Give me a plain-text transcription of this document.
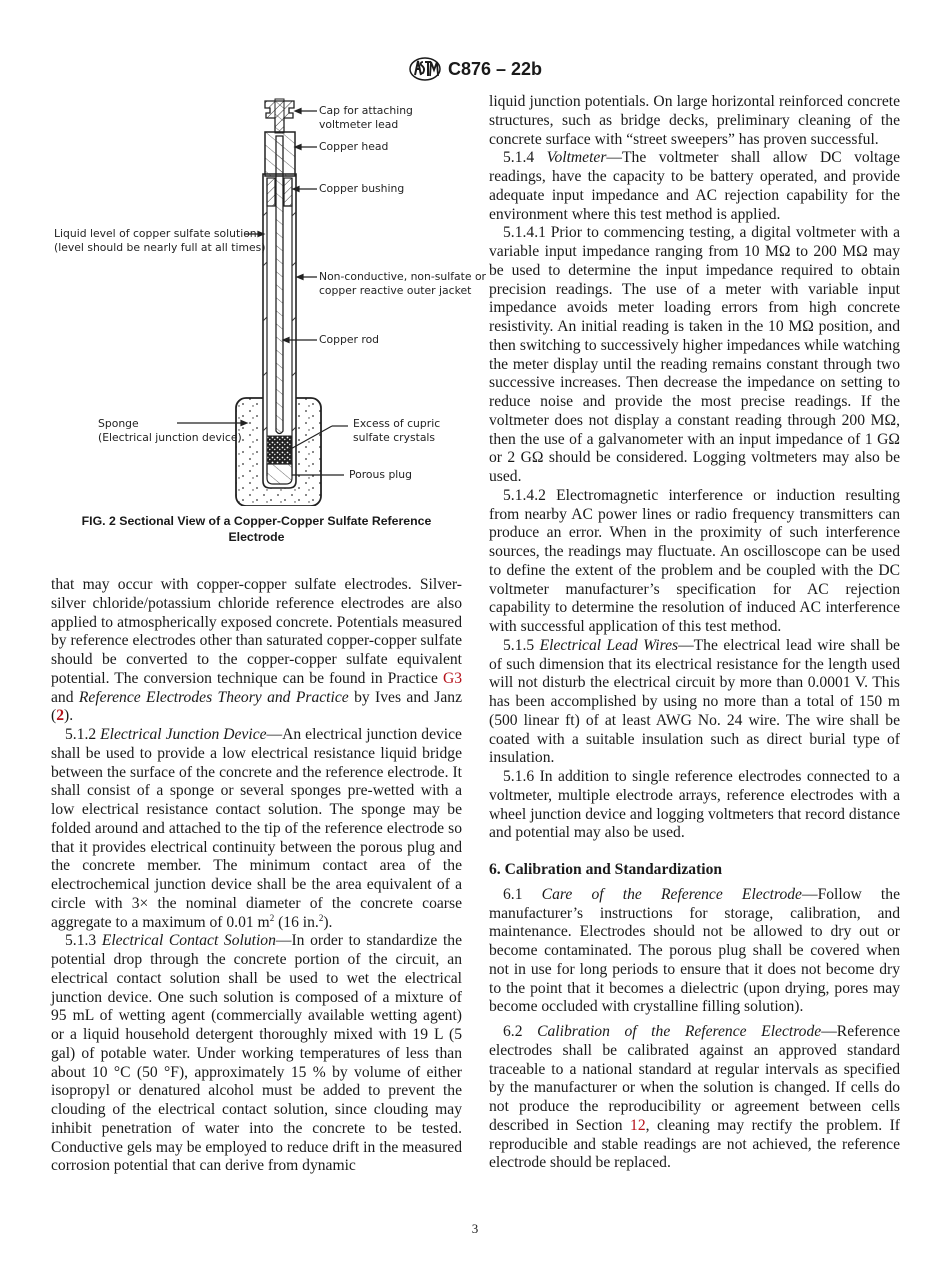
C876 – 22b
Cap for attaching
voltmeter lead
Copper head
Copper bushing
Liquid level of copper sulfate solution
(level should be nearly full at all times)
Non-conductive, non-sulfate or
copper reactive outer jacket
Copper rod
Sponge
(Electrical junction device)
Excess of cupric
sulfate crystals
Porous plug
FIG. 2 Sectional View of a Copper-Copper Sulfate Reference
Electrode

that may occur with copper-copper sulfate electrodes. Silver-silver chloride/potassium chloride reference electrodes are also applied to atmospherically exposed concrete. Potentials measured by reference electrodes other than saturated copper-copper sulfate should be converted to the copper-copper sulfate equivalent potential. The conversion technique can be found in Practice G3 and Reference Electrodes Theory and Practice by Ives and Janz (2).

5.1.2 Electrical Junction Device—An electrical junction device shall be used to provide a low electrical resistance liquid bridge between the surface of the concrete and the reference electrode. It shall consist of a sponge or several sponges pre-wetted with a low electrical resistance contact solution. The sponge may be folded around and attached to the tip of the reference electrode so that it provides electrical continuity between the porous plug and the concrete member. The minimum contact area of the electrochemical junction device shall be the area equivalent of a circle with 3× the nominal diameter of the concrete coarse aggregate to a maximum of 0.01 $m^2$ (16 in.$^2$).

5.1.3 Electrical Contact Solution—In order to standardize the potential drop through the concrete portion of the circuit, an electrical contact solution shall be used to wet the electrical junction device. One such solution is composed of a mixture of 95 mL of wetting agent (commercially available wetting agent) or a liquid household detergent thoroughly mixed with 19 L (5 gal) of potable water. Under working temperatures of less than about 10 °C (50 °F), approximately 15 % by volume of either isopropyl or denatured alcohol must be added to prevent the clouding of the electrical contact solution, since clouding may inhibit penetration of water into the concrete to be tested. Conductive gels may be employed to reduce drift in the measured corrosion potential that can derive from dynamic

liquid junction potentials. On large horizontal reinforced concrete structures, such as bridge decks, preliminary cleaning of the concrete surface with “street sweepers” has proven successful.

5.1.4 Voltmeter—The voltmeter shall allow DC voltage readings, have the capacity to be battery operated, and provide adequate input impedance and AC rejection capability for the environment where this test method is applied.

5.1.4.1 Prior to commencing testing, a digital voltmeter with a variable input impedance ranging from 10 MΩ to 200 MΩ may be used to determine the input impedance required to obtain precision readings. The use of a meter with variable input impedance avoids meter loading errors from high concrete resistivity. An initial reading is taken in the 10 MΩ position, and then switching to successively higher impedances while watching the meter display until the reading remains constant through two successive increases. Then decrease the impedance on setting to reduce noise and provide the most precise readings. If the voltmeter does not display a constant reading through 200 MΩ, then the use of a galvanometer with an input impedance of 1 GΩ or 2 GΩ should be considered. Logging voltmeters may also be used.

5.1.4.2 Electromagnetic interference or induction resulting from nearby AC power lines or radio frequency transmitters can produce an error. When in the proximity of such interference sources, the readings may fluctuate. An oscilloscope can be used to define the extent of the problem and be coupled with the DC voltmeter manufacturer’s specification for AC rejection capability to determine the resolution of induced AC interference with successful application of this test method.

5.1.5 Electrical Lead Wires—The electrical lead wire shall be of such dimension that its electrical resistance for the length used will not disturb the electrical circuit by more than 0.0001 V. This has been accomplished by using no more than a total of 150 m (500 linear ft) of at least AWG No. 24 wire. The wire shall be coated with a suitable insulation such as direct burial type of insulation.

5.1.6 In addition to single reference electrodes connected to a voltmeter, multiple electrode arrays, reference electrodes with a wheel junction device and logging voltmeters that record distance and potential may also be used.

6. Calibration and Standardization

6.1 Care of the Reference Electrode—Follow the manufacturer’s instructions for storage, calibration, and maintenance. Electrodes should not be allowed to dry out or become contaminated. The porous plug shall be covered when not in use for long periods to ensure that it does not become dry to the point that it becomes a dielectric (upon drying, pores may become occluded with crystalline filling solution).

6.2 Calibration of the Reference Electrode—Reference electrodes shall be calibrated against an approved standard traceable to a national standard at regular intervals as specified by the manufacturer or when the solution is changed. If cells do not produce the reproducibility or agreement between cells described in Section 12, cleaning may rectify the problem. If reproducible and stable readings are not achieved, the reference electrode should be replaced.

3
